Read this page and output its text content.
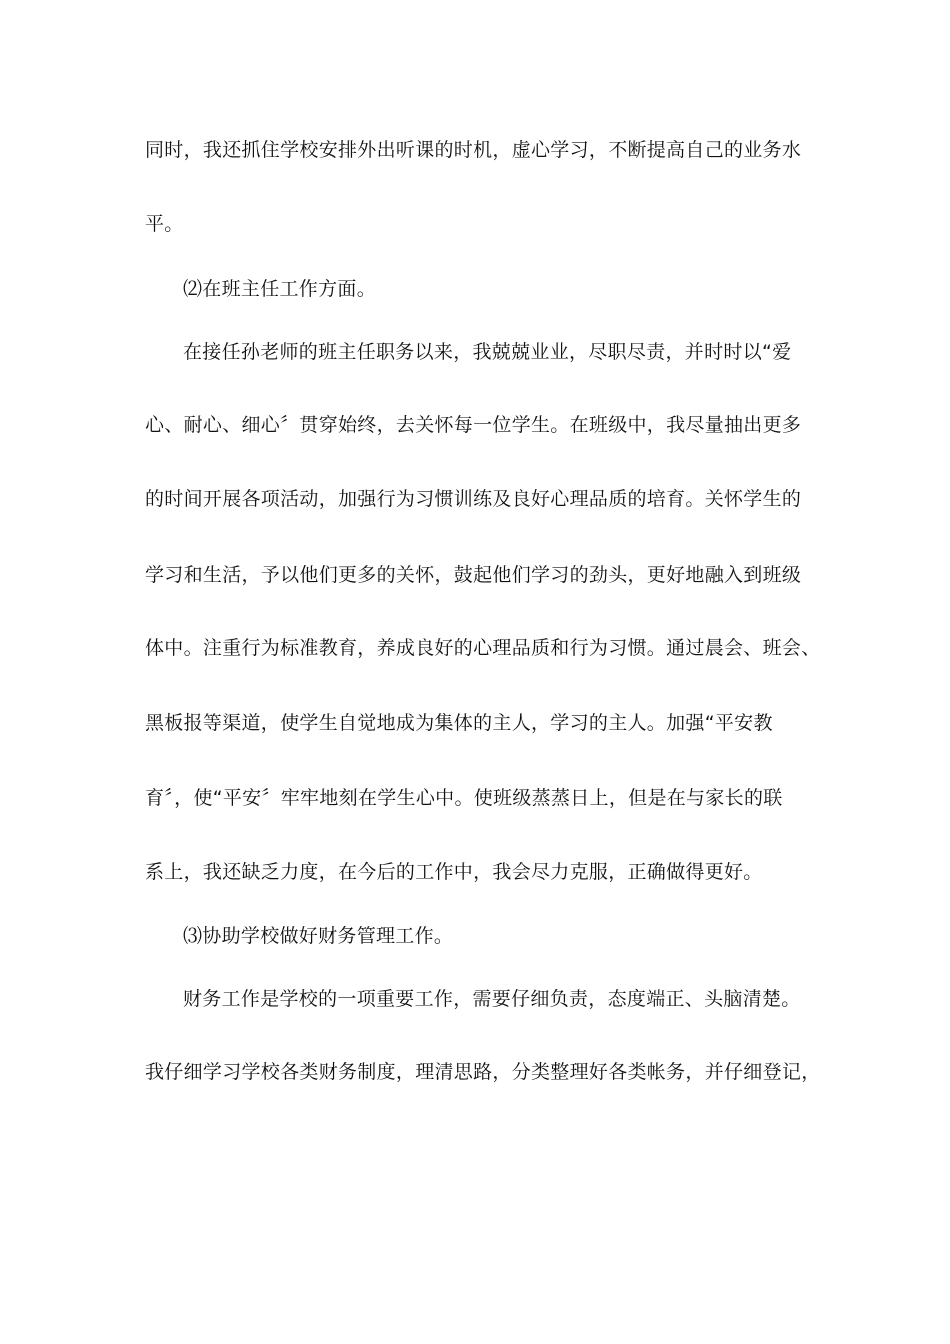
同时，我还抓住学校安排外出听课的时机，虚心学习，不断提高自己的业务水
平。
⑵在班主任工作方面。
在接任孙老师的班主任职务以来，我兢兢业业，尽职尽责，并时时以“爱
心、耐心、细心〞贯穿始终，去关怀每一位学生。在班级中，我尽量抽出更多
的时间开展各项活动，加强行为习惯训练及良好心理品质的培育。关怀学生的
学习和生活，予以他们更多的关怀，鼓起他们学习的劲头，更好地融入到班级
体中。注重行为标准教育，养成良好的心理品质和行为习惯。通过晨会、班会、
黑板报等渠道，使学生自觉地成为集体的主人，学习的主人。加强“平安教
育〞，使“平安〞牢牢地刻在学生心中。使班级蒸蒸日上，但是在与家长的联
系上，我还缺乏力度，在今后的工作中，我会尽力克服，正确做得更好。
⑶协助学校做好财务管理工作。
财务工作是学校的一项重要工作，需要仔细负责，态度端正、头脑清楚。
我仔细学习学校各类财务制度，理清思路，分类整理好各类帐务，并仔细登记，
